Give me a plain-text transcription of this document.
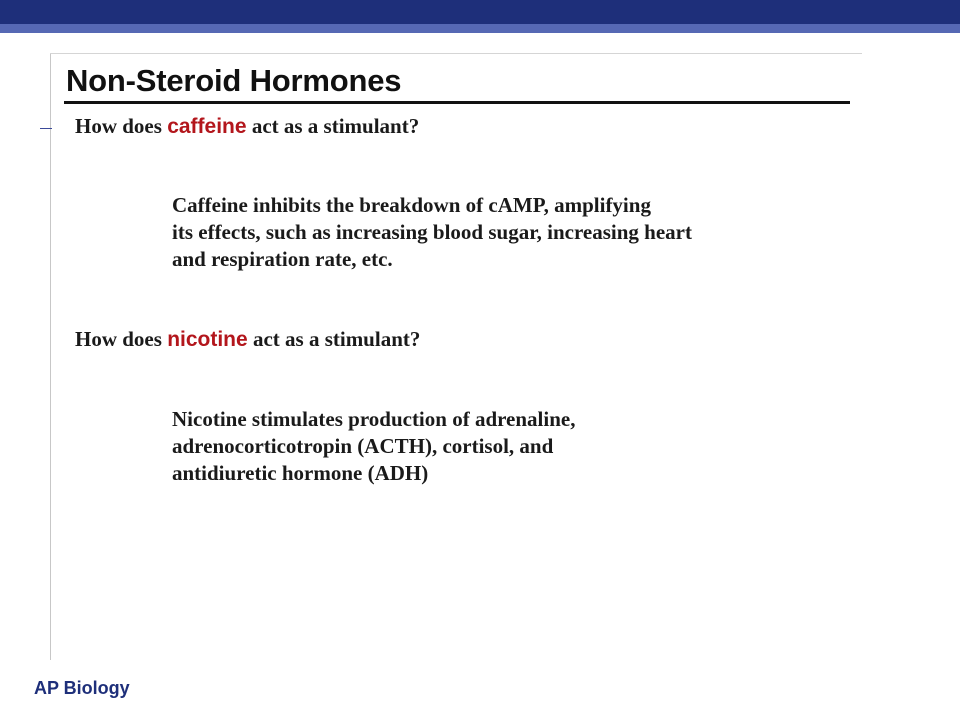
Non-Steroid Hormones

How does caffeine act as a stimulant?

Caffeine inhibits the breakdown of cAMP, amplifying
its effects, such as increasing blood sugar, increasing heart
and respiration rate, etc.

How does nicotine act as a stimulant?

Nicotine stimulates production of adrenaline,
adrenocorticotropin (ACTH), cortisol, and
antidiuretic hormone (ADH)

AP Biology
